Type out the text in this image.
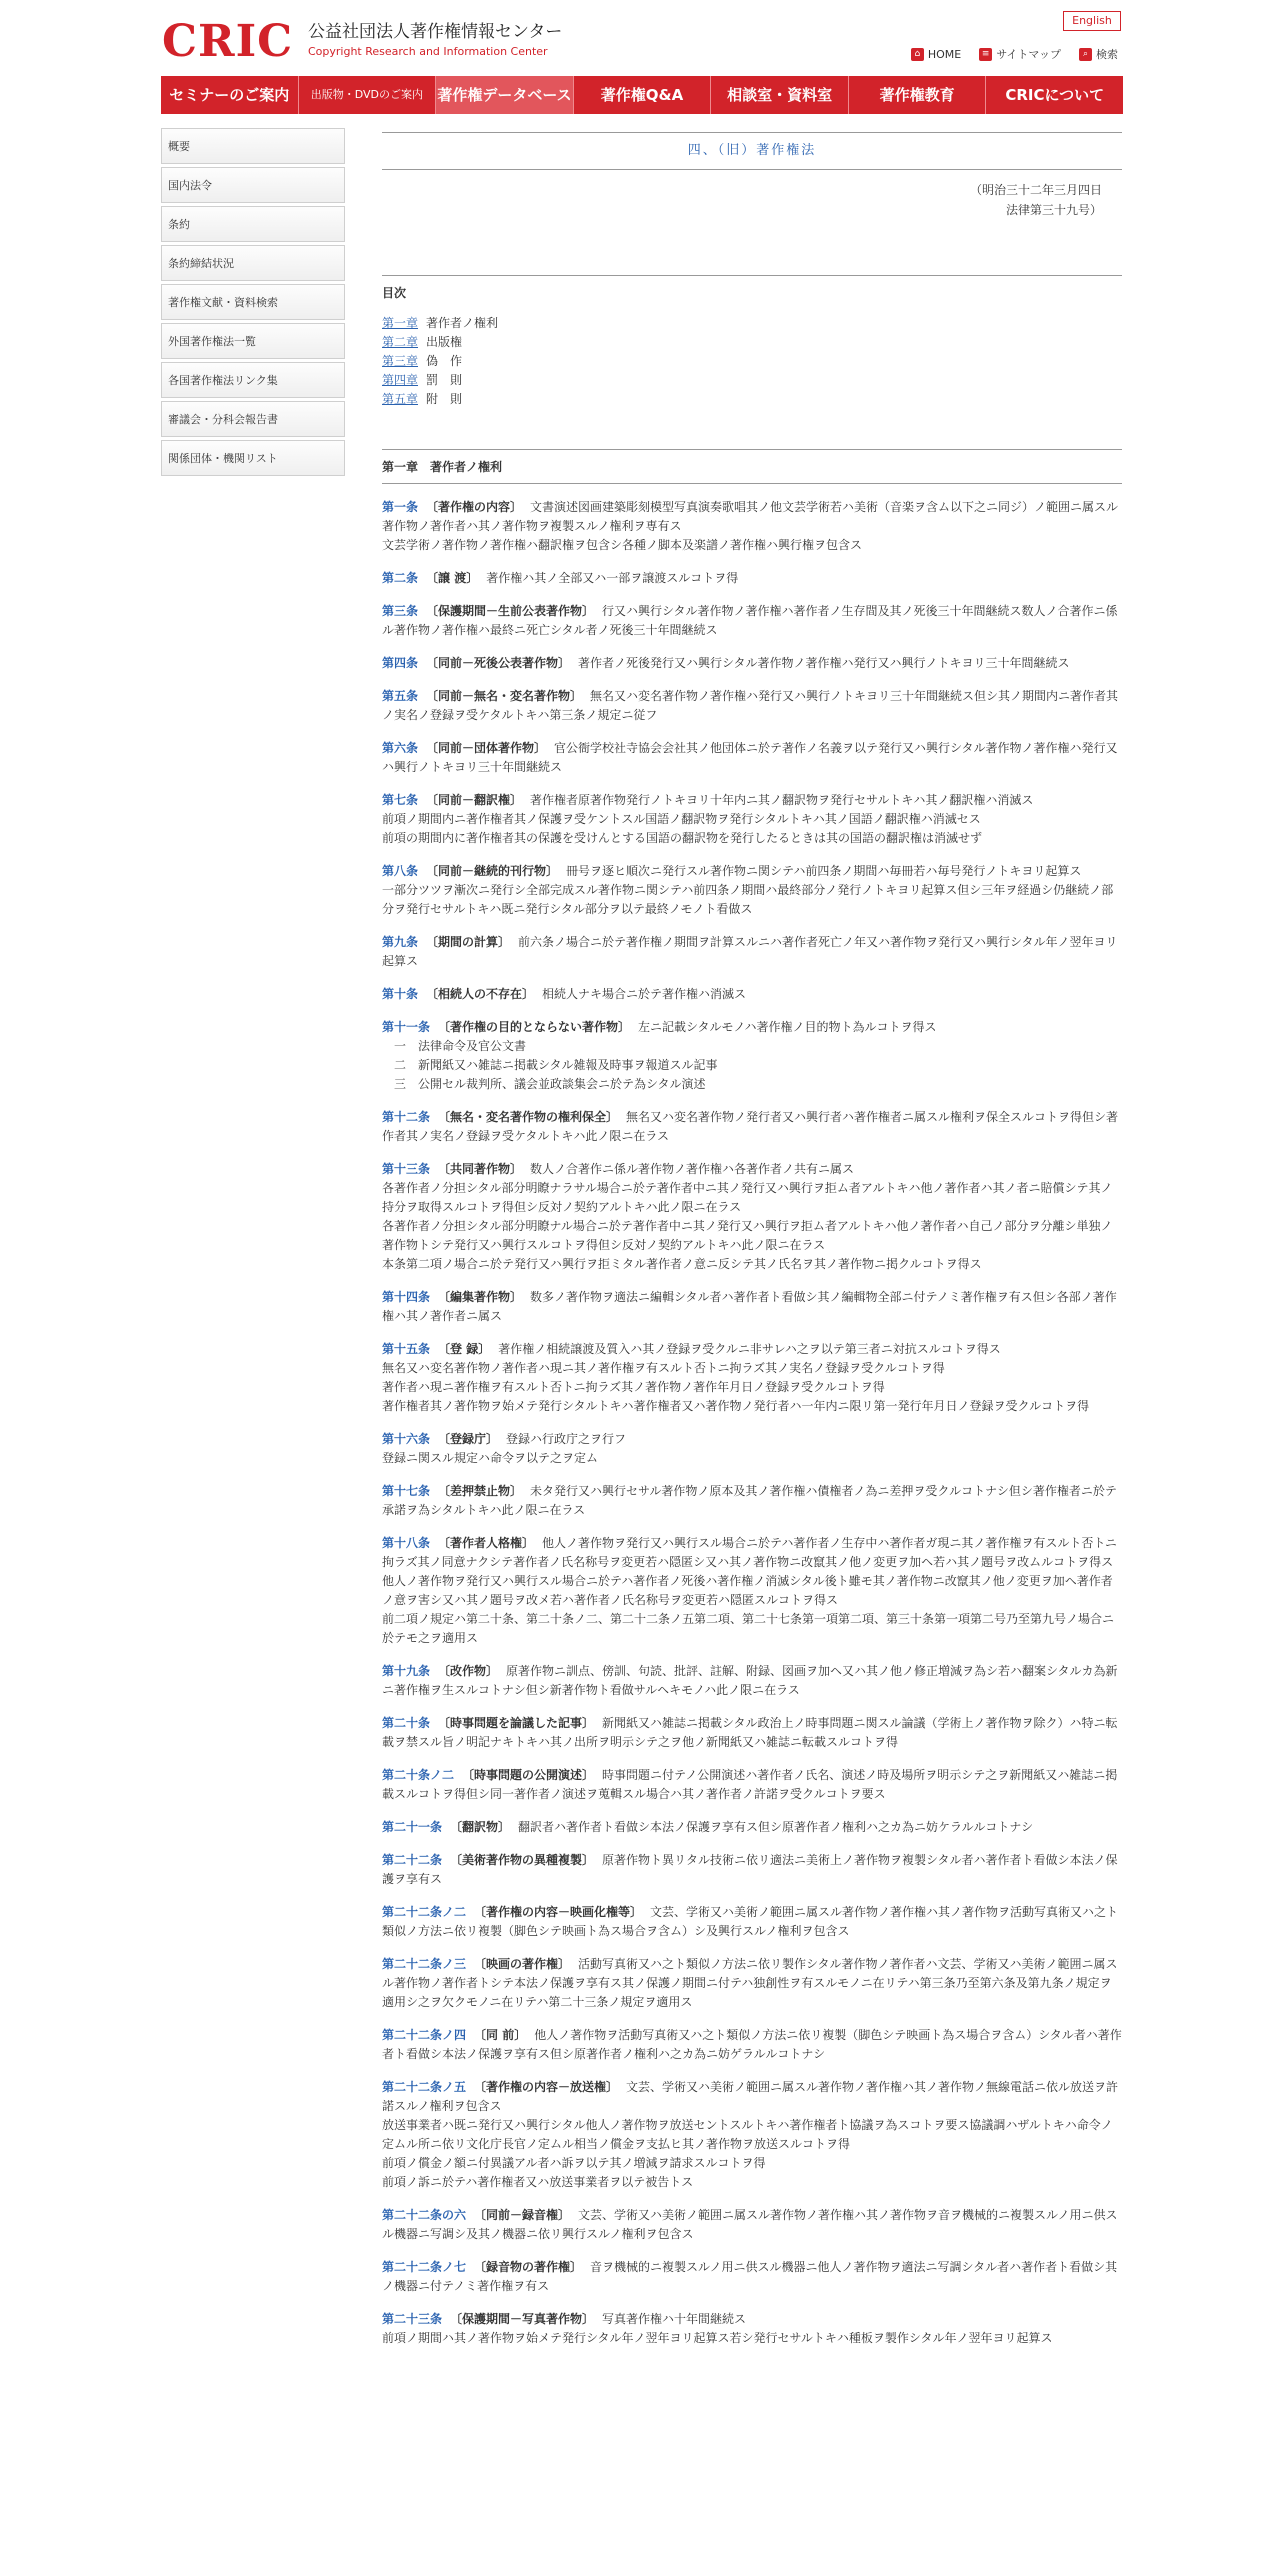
CRIC 公益社団法人著作権情報センター
Copyright Research and Information Center
English
⌂ HOME	≡ サイトマップ	⌕ 検索
セミナーのご案内	出版物・DVDのご案内 著作権データベース	著作権Q&A	相談室・資料室	著作権教育	CRICについて
概要
国内法令
条約
条約締結状況
著作権文献・資料検索
外国著作権法一覧
各国著作権法リンク集
審議会・分科会報告書
関係団体・機関リスト
四、（旧）著作権法
（明治三十二年三月四日
法律第三十九号）
目次
第一章 著作者ノ権利
第二章 出版権
第三章 偽　作
第四章 罰　則
第五章 附　則
第一章　著作者ノ権利
第一条 〔著作権の内容〕 文書演述図画建築彫刻模型写真演奏歌唱其ノ他文芸学術若ハ美術（音楽ヲ含ム以下之ニ同ジ）ノ範囲ニ属スル著作物ノ著作者ハ其ノ著作物ヲ複製スルノ権利ヲ専有ス
文芸学術ノ著作物ノ著作権ハ翻訳権ヲ包含シ各種ノ脚本及楽譜ノ著作権ハ興行権ヲ包含ス
第二条 〔譲 渡〕 著作権ハ其ノ全部又ハ一部ヲ譲渡スルコトヲ得
第三条 〔保護期間－生前公表著作物〕 行又ハ興行シタル著作物ノ著作権ハ著作者ノ生存間及其ノ死後三十年間継続ス数人ノ合著作ニ係ル著作物ノ著作権ハ最終ニ死亡シタル者ノ死後三十年間継続ス
第四条 〔同前－死後公表著作物〕 著作者ノ死後発行又ハ興行シタル著作物ノ著作権ハ発行又ハ興行ノトキヨリ三十年間継続ス
第五条 〔同前－無名・変名著作物〕 無名又ハ変名著作物ノ著作権ハ発行又ハ興行ノトキヨリ三十年間継続ス但シ其ノ期間内ニ著作者其ノ実名ノ登録ヲ受ケタルトキハ第三条ノ規定ニ従フ
第六条 〔同前－団体著作物〕 官公衙学校社寺協会会社其ノ他団体ニ於テ著作ノ名義ヲ以テ発行又ハ興行シタル著作物ノ著作権ハ発行又ハ興行ノトキヨリ三十年間継続ス
第七条 〔同前－翻訳権〕 著作権者原著作物発行ノトキヨリ十年内ニ其ノ翻訳物ヲ発行セサルトキハ其ノ翻訳権ハ消滅ス
前項ノ期間内ニ著作権者其ノ保護ヲ受ケントスル国語ノ翻訳物ヲ発行シタルトキハ其ノ国語ノ翻訳権ハ消滅セス
前項の期間内に著作権者其の保護を受けんとする国語の翻訳物を発行したるときは其の国語の翻訳権は消滅せず
第八条 〔同前－継続的刊行物〕 冊号ヲ逐ヒ順次ニ発行スル著作物ニ関シテハ前四条ノ期間ハ毎冊若ハ毎号発行ノトキヨリ起算ス
一部分ツツヲ漸次ニ発行シ全部完成スル著作物ニ関シテハ前四条ノ期間ハ最終部分ノ発行ノトキヨリ起算ス但シ三年ヲ経過シ仍継続ノ部分ヲ発行セサルトキハ既ニ発行シタル部分ヲ以テ最終ノモノト看做ス
第九条 〔期間の計算〕 前六条ノ場合ニ於テ著作権ノ期間ヲ計算スルニハ著作者死亡ノ年又ハ著作物ヲ発行又ハ興行シタル年ノ翌年ヨリ起算ス
第十条 〔相続人の不存在〕 相続人ナキ場合ニ於テ著作権ハ消滅ス
第十一条 〔著作権の目的とならない著作物〕 左ニ記載シタルモノハ著作権ノ目的物ト為ルコトヲ得ス
一　法律命令及官公文書
二　新聞紙又ハ雑誌ニ掲載シタル雑報及時事ヲ報道スル記事
三　公開セル裁判所、議会並政談集会ニ於テ為シタル演述
第十二条 〔無名・変名著作物の権利保全〕 無名又ハ変名著作物ノ発行者又ハ興行者ハ著作権者ニ属スル権利ヲ保全スルコトヲ得但シ著作者其ノ実名ノ登録ヲ受ケタルトキハ此ノ限ニ在ラス
第十三条 〔共同著作物〕 数人ノ合著作ニ係ル著作物ノ著作権ハ各著作者ノ共有ニ属ス
各著作者ノ分担シタル部分明瞭ナラサル場合ニ於テ著作者中ニ其ノ発行又ハ興行ヲ拒ム者アルトキハ他ノ著作者ハ其ノ者ニ賠償シテ其ノ持分ヲ取得スルコトヲ得但シ反対ノ契約アルトキハ此ノ限ニ在ラス
各著作者ノ分担シタル部分明瞭ナル場合ニ於テ著作者中ニ其ノ発行又ハ興行ヲ拒ム者アルトキハ他ノ著作者ハ自己ノ部分ヲ分離シ単独ノ著作物トシテ発行又ハ興行スルコトヲ得但シ反対ノ契約アルトキハ此ノ限ニ在ラス
本条第二項ノ場合ニ於テ発行又ハ興行ヲ拒ミタル著作者ノ意ニ反シテ其ノ氏名ヲ其ノ著作物ニ掲クルコトヲ得ス
第十四条 〔編集著作物〕 数多ノ著作物ヲ適法ニ編輯シタル者ハ著作者ト看做シ其ノ編輯物全部ニ付テノミ著作権ヲ有ス但シ各部ノ著作権ハ其ノ著作者ニ属ス
第十五条 〔登 録〕 著作権ノ相続譲渡及質入ハ其ノ登録ヲ受クルニ非サレハ之ヲ以テ第三者ニ対抗スルコトヲ得ス
無名又ハ変名著作物ノ著作者ハ現ニ其ノ著作権ヲ有スルト否トニ拘ラズ其ノ実名ノ登録ヲ受クルコトヲ得
著作者ハ現ニ著作権ヲ有スルト否トニ拘ラズ其ノ著作物ノ著作年月日ノ登録ヲ受クルコトヲ得
著作権者其ノ著作物ヲ始メテ発行シタルトキハ著作権者又ハ著作物ノ発行者ハ一年内ニ限リ第一発行年月日ノ登録ヲ受クルコトヲ得
第十六条 〔登録庁〕 登録ハ行政庁之ヲ行フ
登録ニ関スル規定ハ命令ヲ以テ之ヲ定ム
第十七条 〔差押禁止物〕 未タ発行又ハ興行セサル著作物ノ原本及其ノ著作権ハ債権者ノ為ニ差押ヲ受クルコトナシ但シ著作権者ニ於テ承諾ヲ為シタルトキハ此ノ限ニ在ラス
第十八条 〔著作者人格権〕 他人ノ著作物ヲ発行又ハ興行スル場合ニ於テハ著作者ノ生存中ハ著作者ガ現ニ其ノ著作権ヲ有スルト否トニ拘ラズ其ノ同意ナクシテ著作者ノ氏名称号ヲ変更若ハ隠匿シ又ハ其ノ著作物ニ改竄其ノ他ノ変更ヲ加ヘ若ハ其ノ題号ヲ改ムルコトヲ得ス
他人ノ著作物ヲ発行又ハ興行スル場合ニ於テハ著作者ノ死後ハ著作権ノ消滅シタル後ト雖モ其ノ著作物ニ改竄其ノ他ノ変更ヲ加ヘ著作者ノ意ヲ害シ又ハ其ノ題号ヲ改メ若ハ著作者ノ氏名称号ヲ変更若ハ隠匿スルコトヲ得ス
前二項ノ規定ハ第二十条、第二十条ノ二、第二十二条ノ五第二項、第二十七条第一項第二項、第三十条第一項第二号乃至第九号ノ場合ニ於テモ之ヲ適用ス
第十九条 〔改作物〕 原著作物ニ訓点、傍訓、句読、批評、註解、附録、図画ヲ加ヘ又ハ其ノ他ノ修正増減ヲ為シ若ハ翻案シタルカ為新ニ著作権ヲ生スルコトナシ但シ新著作物ト看做サルヘキモノハ此ノ限ニ在ラス
第二十条 〔時事問題を論議した記事〕 新聞紙又ハ雑誌ニ掲載シタル政治上ノ時事問題ニ関スル論議（学術上ノ著作物ヲ除ク）ハ特ニ転載ヲ禁スル旨ノ明記ナキトキハ其ノ出所ヲ明示シテ之ヲ他ノ新聞紙又ハ雑誌ニ転載スルコトヲ得
第二十条ノ二 〔時事問題の公開演述〕 時事問題ニ付テノ公開演述ハ著作者ノ氏名、演述ノ時及場所ヲ明示シテ之ヲ新聞紙又ハ雑誌ニ掲載スルコトヲ得但シ同一著作者ノ演述ヲ蒐輯スル場合ハ其ノ著作者ノ許諾ヲ受クルコトヲ要ス
第二十一条 〔翻訳物〕 翻訳者ハ著作者ト看做シ本法ノ保護ヲ享有ス但シ原著作者ノ権利ハ之カ為ニ妨ケラルルコトナシ
第二十二条 〔美術著作物の異種複製〕 原著作物ト異リタル技術ニ依リ適法ニ美術上ノ著作物ヲ複製シタル者ハ著作者ト看做シ本法ノ保護ヲ享有ス
第二十二条ノ二 〔著作権の内容－映画化権等〕 文芸、学術又ハ美術ノ範囲ニ属スル著作物ノ著作権ハ其ノ著作物ヲ活動写真術又ハ之ト類似ノ方法ニ依リ複製（脚色シテ映画ト為ス場合ヲ含ム）シ及興行スルノ権利ヲ包含ス
第二十二条ノ三 〔映画の著作権〕 活動写真術又ハ之ト類似ノ方法ニ依リ製作シタル著作物ノ著作者ハ文芸、学術又ハ美術ノ範囲ニ属スル著作物ノ著作者トシテ本法ノ保護ヲ享有ス其ノ保護ノ期間ニ付テハ独創性ヲ有スルモノニ在リテハ第三条乃至第六条及第九条ノ規定ヲ適用シ之ヲ欠クモノニ在リテハ第二十三条ノ規定ヲ適用ス
第二十二条ノ四 〔同 前〕 他人ノ著作物ヲ活動写真術又ハ之ト類似ノ方法ニ依リ複製（脚色シテ映画ト為ス場合ヲ含ム）シタル者ハ著作者ト看做シ本法ノ保護ヲ享有ス但シ原著作者ノ権利ハ之カ為ニ妨ゲラルルコトナシ
第二十二条ノ五 〔著作権の内容－放送権〕 文芸、学術又ハ美術ノ範囲ニ属スル著作物ノ著作権ハ其ノ著作物ノ無線電話ニ依ル放送ヲ許諾スルノ権利ヲ包含ス
放送事業者ハ既ニ発行又ハ興行シタル他人ノ著作物ヲ放送セントスルトキハ著作権者ト協議ヲ為スコトヲ要ス協議調ハザルトキハ命令ノ定ムル所ニ依リ文化庁長官ノ定ムル相当ノ償金ヲ支払ヒ其ノ著作物ヲ放送スルコトヲ得
前項ノ償金ノ額ニ付異議アル者ハ訴ヲ以テ其ノ増減ヲ請求スルコトヲ得
前項ノ訴ニ於テハ著作権者又ハ放送事業者ヲ以テ被告トス
第二十二条の六 〔同前－録音権〕 文芸、学術又ハ美術ノ範囲ニ属スル著作物ノ著作権ハ其ノ著作物ヲ音ヲ機械的ニ複製スルノ用ニ供スル機器ニ写調シ及其ノ機器ニ依リ興行スルノ権利ヲ包含ス
第二十二条ノ七 〔録音物の著作権〕 音ヲ機械的ニ複製スルノ用ニ供スル機器ニ他人ノ著作物ヲ適法ニ写調シタル者ハ著作者ト看做シ其ノ機器ニ付テノミ著作権ヲ有ス
第二十三条 〔保護期間－写真著作物〕 写真著作権ハ十年間継続ス
前項ノ期間ハ其ノ著作物ヲ始メテ発行シタル年ノ翌年ヨリ起算ス若シ発行セサルトキハ種板ヲ製作シタル年ノ翌年ヨリ起算ス
